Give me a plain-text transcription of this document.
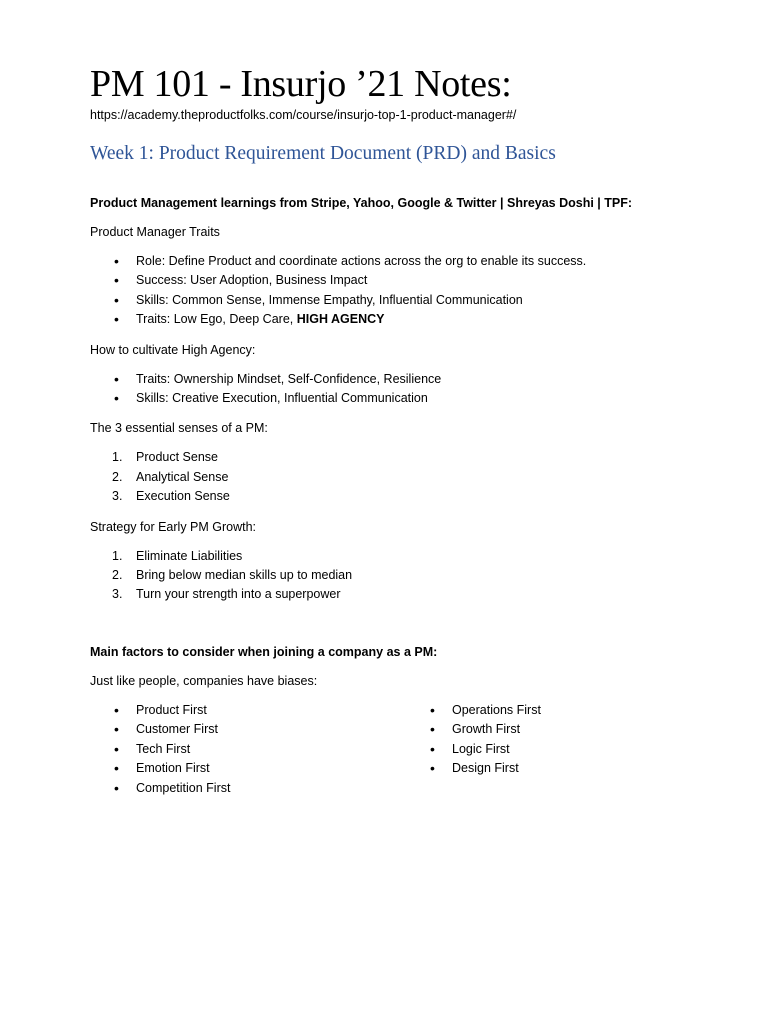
PM 101 - Insurjo ’21 Notes:

https://academy.theproductfolks.com/course/insurjo-top-1-product-manager#/

Week 1: Product Requirement Document (PRD) and Basics

Product Management learnings from Stripe, Yahoo, Google & Twitter | Shreyas Doshi | TPF:

Product Manager Traits

• Role: Define Product and coordinate actions across the org to enable its success.
• Success: User Adoption, Business Impact
• Skills: Common Sense, Immense Empathy, Influential Communication
• Traits: Low Ego, Deep Care, HIGH AGENCY

How to cultivate High Agency:

• Traits: Ownership Mindset, Self-Confidence, Resilience
• Skills: Creative Execution, Influential Communication

The 3 essential senses of a PM:

1. Product Sense
2. Analytical Sense
3. Execution Sense

Strategy for Early PM Growth:

1. Eliminate Liabilities
2. Bring below median skills up to median
3. Turn your strength into a superpower

Main factors to consider when joining a company as a PM:

Just like people, companies have biases:

• Product First
• Customer First
• Tech First
• Emotion First
• Competition First
• Operations First
• Growth First
• Logic First
• Design First
